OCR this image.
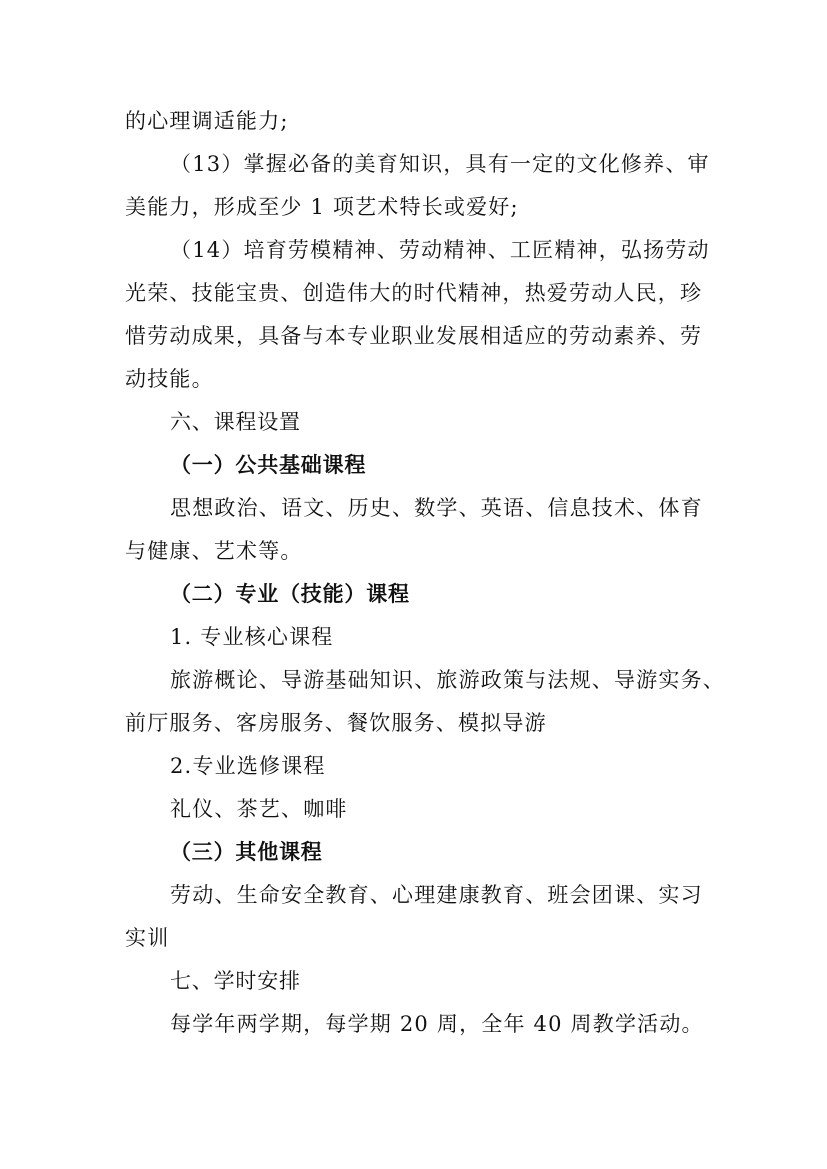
的心理调适能力;
（13）掌握必备的美育知识，具有一定的文化修养、审
美能力，形成至少 1 项艺术特长或爱好;
（14）培育劳模精神、劳动精神、工匠精神，弘扬劳动
光荣、技能宝贵、创造伟大的时代精神，热爱劳动人民，珍
惜劳动成果，具备与本专业职业发展相适应的劳动素养、劳
动技能。
六、课程设置
（一）公共基础课程
思想政治、语文、历史、数学、英语、信息技术、体育
与健康、艺术等。
（二）专业（技能）课程
1. 专业核心课程
旅游概论、导游基础知识、旅游政策与法规、导游实务、
前厅服务、客房服务、餐饮服务、模拟导游
2.专业选修课程
礼仪、茶艺、咖啡
（三）其他课程
劳动、生命安全教育、心理建康教育、班会团课、实习
实训
七、学时安排
每学年两学期，每学期 20 周，全年 40 周教学活动。
